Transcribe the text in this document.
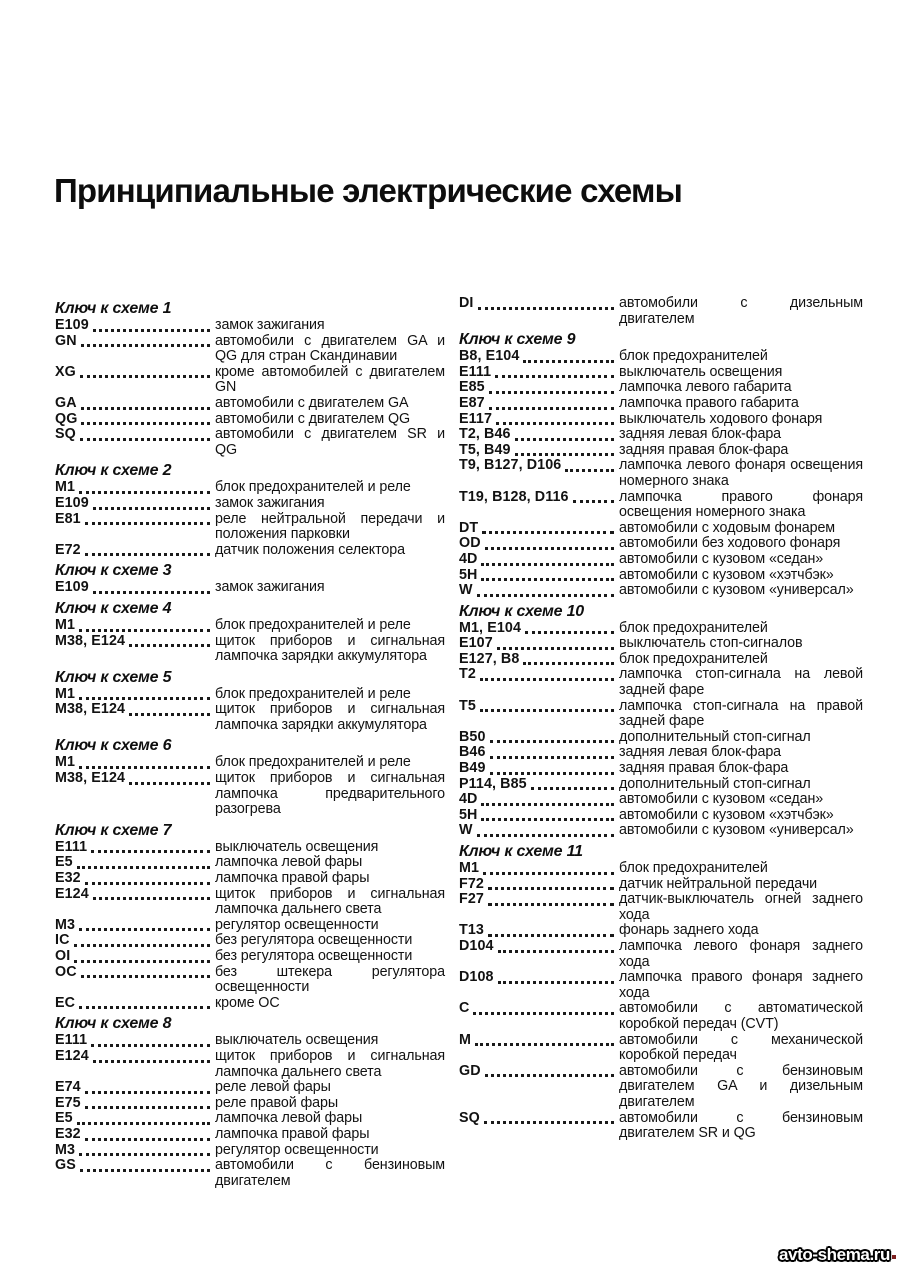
Принципиальные электрические схемы
Ключ к схеме 1
E109	замок зажигания
GN	автомобили с двигателем GA и QG для стран Скандинавии
XG	кроме автомобилей с двигателем GN
GA	автомобили с двигателем GA
QG	автомобили с двигателем QG
SQ	автомобили с двигателем SR и QG
Ключ к схеме 2
M1	блок предохранителей и реле
E109	замок зажигания
E81	реле нейтральной передачи и положения парковки
E72	датчик положения селектора
Ключ к схеме 3
E109	замок зажигания
Ключ к схеме 4
M1	блок предохранителей и реле
M38, E124	щиток приборов и сигнальная лампочка зарядки аккумулятора
Ключ к схеме 5
M1	блок предохранителей и реле
M38, E124	щиток приборов и сигнальная лампочка зарядки аккумулятора
Ключ к схеме 6
M1	блок предохранителей и реле
M38, E124	щиток приборов и сигнальная лампочка предварительного разогрева
Ключ к схеме 7
E111	выключатель освещения
E5	лампочка левой фары
E32	лампочка правой фары
E124	щиток приборов и сигнальная лампочка дальнего света
M3	регулятор освещенности
IC	без регулятора освещенности
OI	без регулятора освещенности
OC	без штекера регулятора освещенности
EC	кроме ОС
Ключ к схеме 8
E111	выключатель освещения
E124	щиток приборов и сигнальная лампочка дальнего света
E74	реле левой фары
E75	реле правой фары
E5	лампочка левой фары
E32	лампочка правой фары
M3	регулятор освещенности
GS	автомобили с бензиновым двигателем
DI	автомобили с дизельным двигателем
Ключ к схеме 9
B8, E104	блок предохранителей
E111	выключатель освещения
E85	лампочка левого габарита
E87	лампочка правого габарита
E117	выключатель ходового фонаря
T2, B46	задняя левая блок-фара
T5, B49	задняя правая блок-фара
T9, B127, D106	лампочка левого фонаря освещения номерного знака
T19, B128, D116	лампочка правого фонаря освещения номерного знака
DT	автомобили с ходовым фонарем
OD	автомобили без ходового фонаря
4D	автомобили с кузовом «седан»
5H	автомобили с кузовом «хэтчбэк»
W	автомобили с кузовом «универсал»
Ключ к схеме 10
M1, E104	блок предохранителей
E107	выключатель стоп-сигналов
E127, B8	блок предохранителей
T2	лампочка стоп-сигнала на левой задней фаре
T5	лампочка стоп-сигнала на правой задней фаре
B50	дополнительный стоп-сигнал
B46	задняя левая блок-фара
B49	задняя правая блок-фара
P114, B85	дополнительный стоп-сигнал
4D	автомобили с кузовом «седан»
5H	автомобили с кузовом «хэтчбэк»
W	автомобили с кузовом «универсал»
Ключ к схеме 11
M1	блок предохранителей
F72	датчик нейтральной передачи
F27	датчик-выключатель огней заднего хода
T13	фонарь заднего хода
D104	лампочка левого фонаря заднего хода
D108	лампочка правого фонаря заднего хода
C	автомобили с автоматической коробкой передач (CVT)
M	автомобили с механической коробкой передач
GD	автомобили с бензиновым двигателем GA и дизельным двигателем
SQ	автомобили с бензиновым двигателем SR и QG
avto-shema.ru
